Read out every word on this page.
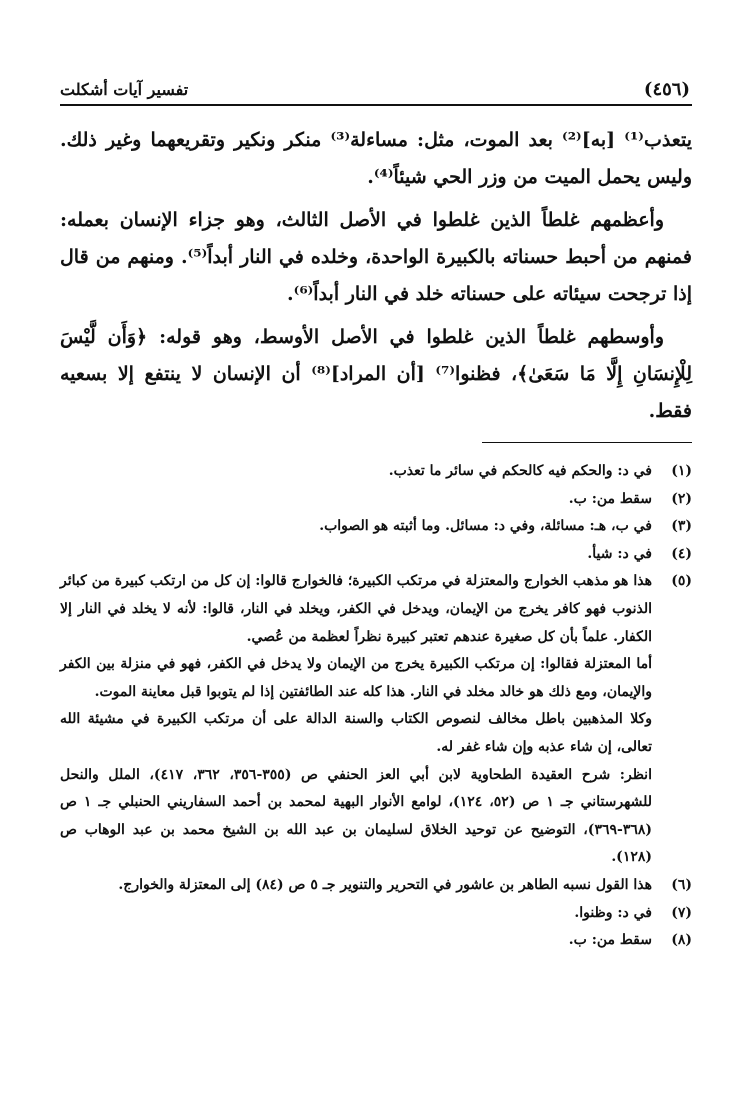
(٤٥٦)
تفسير آيات أشكلت

يتعذب⁽¹⁾ [به]⁽²⁾ بعد الموت، مثل: مساءلة⁽³⁾ منكر ونكير وتقريعهما وغير ذلك. وليس يحمل الميت من وزر الحي شيئاً⁽⁴⁾.

وأعظمهم غلطاً الذين غلطوا في الأصل الثالث، وهو جزاء الإنسان بعمله: فمنهم من أحبط حسناته بالكبيرة الواحدة، وخلده في النار أبداً⁽⁵⁾. ومنهم من قال إذا ترجحت سيئاته على حسناته خلد في النار أبداً⁽⁶⁾.

وأوسطهم غلطاً الذين غلطوا في الأصل الأوسط، وهو قوله: ﴿وَأَن لَّيْسَ لِلْإِنسَانِ إِلَّا مَا سَعَىٰ﴾، فظنوا⁽⁷⁾ [أن المراد]⁽⁸⁾ أن الإنسان لا ينتفع إلا بسعيه فقط.

(١)

في د: والحكم فيه كالحكم في سائر ما تعذب.

(٢)

سقط من: ب.

(٣)

في ب، هـ: مسائلة، وفي د: مسائل. وما أثبته هو الصواب.

(٤)

في د: شيأ.

(٥)

هذا هو مذهب الخوارج والمعتزلة في مرتكب الكبيرة؛ فالخوارج قالوا: إن كل من ارتكب كبيرة من كبائر الذنوب فهو كافر يخرج من الإيمان، ويدخل في الكفر، ويخلد في النار، قالوا: لأنه لا يخلد في النار إلا الكفار. علماً بأن كل صغيرة عندهم تعتبر كبيرة نظراً لعظمة من عُصي.

أما المعتزلة فقالوا: إن مرتكب الكبيرة يخرج من الإيمان ولا يدخل في الكفر، فهو في منزلة بين الكفر والإيمان، ومع ذلك هو خالد مخلد في النار. هذا كله عند الطائفتين إذا لم يتوبوا قبل معاينة الموت.

وكلا المذهبين باطل مخالف لنصوص الكتاب والسنة الدالة على أن مرتكب الكبيرة في مشيئة الله تعالى، إن شاء عذبه وإن شاء غفر له.

انظر: شرح العقيدة الطحاوية لابن أبي العز الحنفي ص (٣٥٥-٣٥٦، ٣٦٢، ٤١٧)، الملل والنحل للشهرستاني جـ ١ ص (٥٢، ١٢٤)، لوامع الأنوار البهية لمحمد بن أحمد السفاريني الحنبلي جـ ١ ص (٣٦٨-٣٦٩)، التوضيح عن توحيد الخلاق لسليمان بن عبد الله بن الشيخ محمد بن عبد الوهاب ص (١٢٨).

(٦)

هذا القول نسبه الطاهر بن عاشور في التحرير والتنوير جـ ٥ ص (٨٤) إلى المعتزلة والخوارج.

(٧)

في د: وظنوا.

(٨)

سقط من: ب.
